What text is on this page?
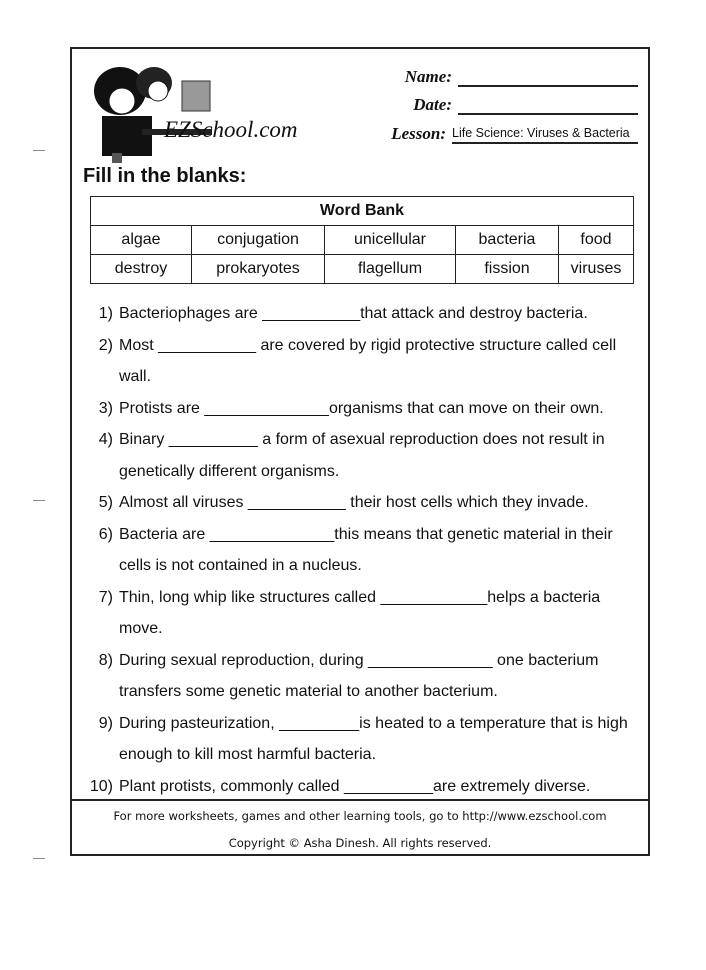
EZSchool.com
Name:
Date:
Lesson: Life Science: Viruses & Bacteria
Fill in the blanks:
Word Bank				
algae	conjugation	unicellular	bacteria	food
destroy	prokaryotes	flagellum	fission	viruses
1) Bacteriophages are ___________that attack and destroy bacteria.
2) Most ___________ are covered by rigid protective structure called cell wall.
3) Protists are ______________organisms that can move on their own.
4) Binary __________ a form of asexual reproduction does not result in genetically different organisms.
5) Almost all viruses ___________ their host cells which they invade.
6) Bacteria are ______________this means that genetic material in their cells is not contained in a nucleus.
7) Thin, long whip like structures called ____________helps a bacteria move.
8) During sexual reproduction, during ______________ one bacterium transfers some genetic material to another bacterium.
9) During pasteurization, _________is heated to a temperature that is high enough to kill most harmful bacteria.
10) Plant protists, commonly called __________are extremely diverse.
For more worksheets, games and other learning tools, go to http://www.ezschool.com
Copyright © Asha Dinesh. All rights reserved.
